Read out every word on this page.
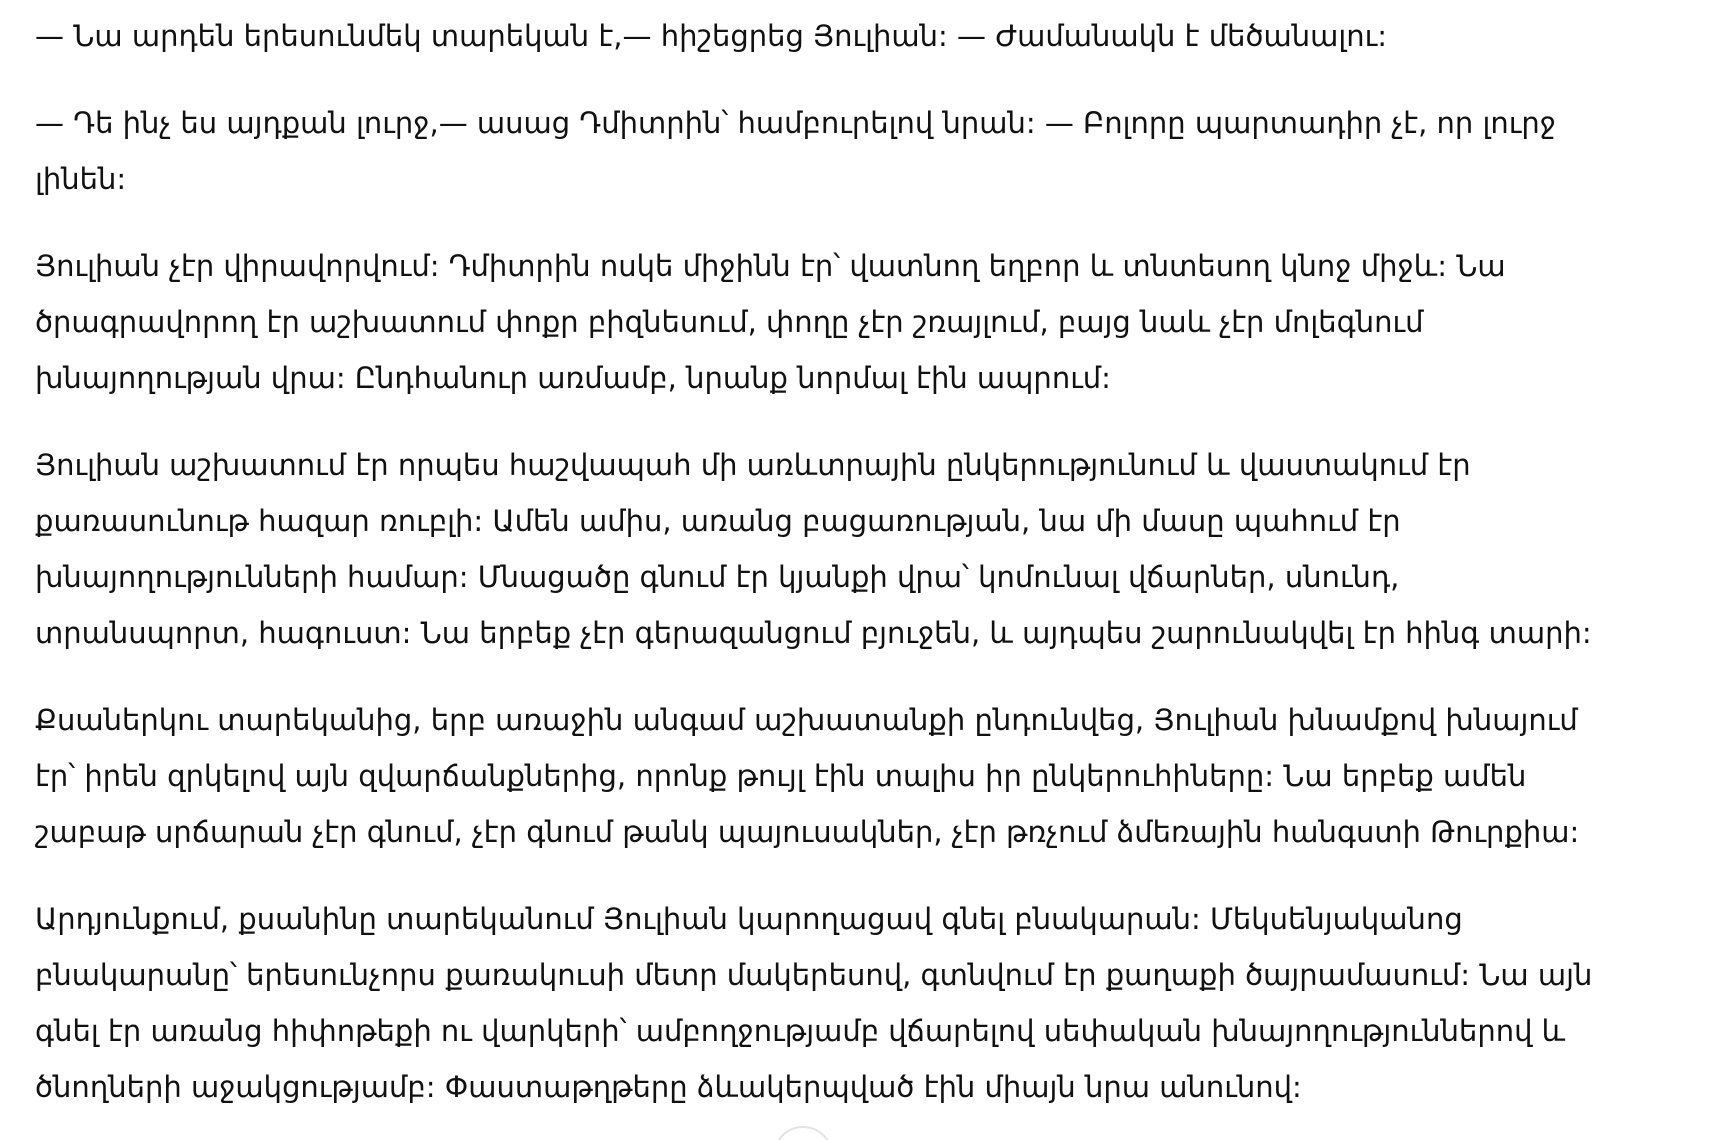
— Նա արդեն երեսունմեկ տարեկան է,— հիշեցրեց Յուլիան: — Ժամանակն է մեծանալու:

— Դե ինչ ես այդքան լուրջ,— ասաց Դմիտրին՝ համբուրելով նրան: — Բոլորը պարտադիր չէ, որ լուրջ
լինեն:

Յուլիան չէր վիրավորվում: Դմիտրին ոսկե միջինն էր՝ վատնող եղբոր և տնտեսող կնոջ միջև: Նա
ծրագրավորող էր աշխատում փոքր բիզնեսում, փողը չէր շռայլում, բայց նաև չէր մոլեգնում
խնայողության վրա: Ընդհանուր առմամբ, նրանք նորմալ էին ապրում:

Յուլիան աշխատում էր որպես հաշվապահ մի առևտրային ընկերությունում և վաստակում էր
քառասունութ հազար ռուբլի: Ամեն ամիս, առանց բացառության, նա մի մասը պահում էր
խնայողությունների համար: Մնացածը գնում էր կյանքի վրա՝ կոմունալ վճարներ, սնունդ,
տրանսպորտ, հագուստ: Նա երբեք չէր գերազանցում բյուջեն, և այդպես շարունակվել էր հինգ տարի:

Քսաներկու տարեկանից, երբ առաջին անգամ աշխատանքի ընդունվեց, Յուլիան խնամքով խնայում
էր՝ իրեն զրկելով այն զվարճանքներից, որոնք թույլ էին տալիս իր ընկերուհիները: Նա երբեք ամեն
շաբաթ սրճարան չէր գնում, չէր գնում թանկ պայուսակներ, չէր թռչում ձմեռային հանգստի Թուրքիա:

Արդյունքում, քսանինը տարեկանում Յուլիան կարողացավ գնել բնակարան: Մեկսենյականոց
բնակարանը՝ երեսունչորս քառակուսի մետր մակերեսով, գտնվում էր քաղաքի ծայրամասում: Նա այն
գնել էր առանց հիփոթեքի ու վարկերի՝ ամբողջությամբ վճարելով սեփական խնայողություններով և
ծնողների աջակցությամբ: Փաստաթղթերը ձևակերպված էին միայն նրա անունով:
